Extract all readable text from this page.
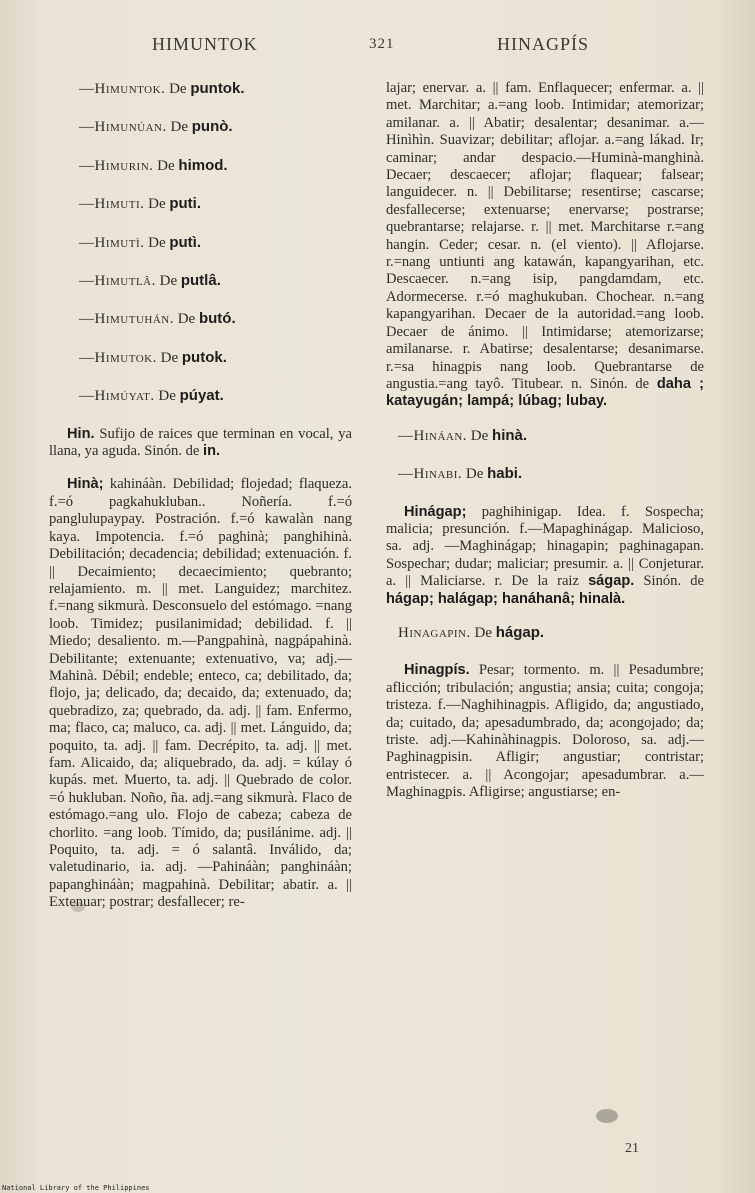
HIMUNTOK	321	HINAGPÍS
—Himuntok. De puntok.
—Himunúan. De punò.
—Himurin. De himod.
—Himuti. De puti.
—Himutì. De putì.
—Himutlâ. De putlâ.
—Himutuhán. De butó.
—Himutok. De putok.
—Himúyat. De púyat.

Hin. Sufijo de raices que terminan en vocal, ya llana, ya aguda. Sinón. de in.

Hinà; kahináàn. Debilidad; flojedad; flaqueza. f.=ó pagkahukluban.. Noñería. f.=ó panglulupaypay. Postración. f.=ó kawalàn nang kaya. Impotencia. f.=ó paghinà; panghihinà. Debilitación; decadencia; debilidad; extenuación. f. || Decaimiento; decaecimiento; quebranto; relajamiento. m. || met. Languidez; marchitez. f.=nang sikmurà. Desconsuelo del estómago. =nang loob. Timidez; pusilanimidad; debilidad. f. || Miedo; desaliento. m.—Pangpahinà, nagpápahinà. Debilitante; extenuante; extenuativo, va; adj.—Mahinà. Débil; endeble; enteco, ca; debilitado, da; flojo, ja; delicado, da; decaido, da; extenuado, da; quebradizo, za; quebrado, da. adj. || fam. Enfermo, ma; flaco, ca; maluco, ca. adj. || met. Lánguido, da; poquito, ta. adj. || fam. Decrépito, ta. adj. || met. fam. Alicaido, da; aliquebrado, da. adj. = kúlay ó kupás. met. Muerto, ta. adj. || Quebrado de color. =ó hukluban. Noño, ña. adj.=ang sikmurà. Flaco de estómago.=ang ulo. Flojo de cabeza; cabeza de chorlito. =ang loob. Tímido, da; pusilánime. adj. || Poquito, ta. adj. = ó salantâ. Inválido, da; valetudinario, ia. adj. —Pahináàn; panghináàn; papanghináàn; magpahinà. Debilitar; abatir. a. || Extenuar; postrar; desfallecer; re-

lajar; enervar. a. || fam. Enflaquecer; enfermar. a. || met. Marchitar; a.=ang loob. Intimidar; atemorizar; amilanar. a. || Abatir; desalentar; desanimar. a.—Hinìhìn. Suavizar; debilitar; aflojar. a.=ang lákad. Ir; caminar; andar despacio.—Huminà-manghinà. Decaer; descaecer; aflojar; flaquear; falsear; languidecer. n. || Debilitarse; resentirse; cascarse; desfallecerse; extenuarse; enervarse; postrarse; quebrantarse; relajarse. r. || met. Marchitarse r.=ang hangin. Ceder; cesar. n. (el viento). || Aflojarse. r.=nang untiunti ang katawán, kapangyarihan, etc. Descaecer. n.=ang isip, pangdamdam, etc. Adormecerse. r.=ó maghukuban. Chochear. n.=ang kapangyarihan. Decaer de la autoridad.=ang loob. Decaer de ánimo. || Intimidarse; atemorizarse; amilanarse. r. Abatirse; desalentarse; desanimarse. r.=sa hinagpis nang loob. Quebrantarse de angustia.=ang tayô. Titubear. n. Sinón. de daha ; katayugán; lampá; lúbag; lubay.

—Hináan. De hinà.
—Hinabi. De habi.

Hinágap; paghihinigap. Idea. f. Sospecha; malicia; presunción. f.—Mapaghinágap. Malicioso, sa. adj. —Maghinágap; hinagapin; paghinagapan. Sospechar; dudar; maliciar; presumir. a. || Conjeturar. a. || Maliciarse. r. De la raiz ságap. Sinón. de hágap; halágap; hanáhanâ; hinalà.

Hinagapin. De hágap.

Hinagpís. Pesar; tormento. m. || Pesadumbre; aflicción; tribulación; angustia; ansia; cuita; congoja; tristeza. f.—Naghihinagpis. Afligido, da; angustiado, da; cuitado, da; apesadumbrado, da; acongojado; da; triste. adj.—Kahinàhinagpis. Doloroso, sa. adj.—Paghinagpisin. Afligir; angustiar; contristar; entristecer. a. || Acongojar; apesadumbrar. a.—Maghinagpis. Afligirse; angustiarse; en-

21
National Library of the Philippines
